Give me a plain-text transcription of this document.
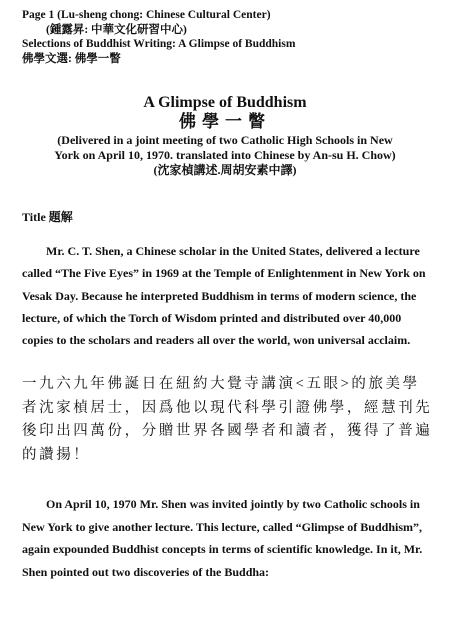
Page 1 (Lu-sheng chong: Chinese Cultural Center)
(鍾露昇: 中華文化研習中心)
Selections of Buddhist Writing: A Glimpse of Buddhism
佛學文選: 佛學一瞥
A Glimpse of Buddhism
佛學一瞥
(Delivered in a joint meeting of two Catholic High Schools in New
York on April 10, 1970. translated into Chinese by An-su H. Chow)
(沈家楨講述.周胡安素中譯)
Title 題解

Mr. C. T. Shen, a Chinese scholar in the United States, delivered a lecture called “The Five Eyes” in 1969 at the Temple of Enlightenment in New York on Vesak Day. Because he interpreted Buddhism in terms of modern science, the lecture, of which the Torch of Wisdom printed and distributed over 40,000 copies to the scholars and readers all over the world, won universal acclaim.

一九六九年佛誕日在紐約大覺寺講演<五眼>的旅美學者沈家楨居士，因爲他以現代科學引證佛學，經慧刊先後印出四萬份，分贈世界各國學者和讀者，獲得了普遍的讚揚！

On April 10, 1970 Mr. Shen was invited jointly by two Catholic schools in New York to give another lecture. This lecture, called “Glimpse of Buddhism”, again expounded Buddhist concepts in terms of scientific knowledge. In it, Mr. Shen pointed out two discoveries of the Buddha:
